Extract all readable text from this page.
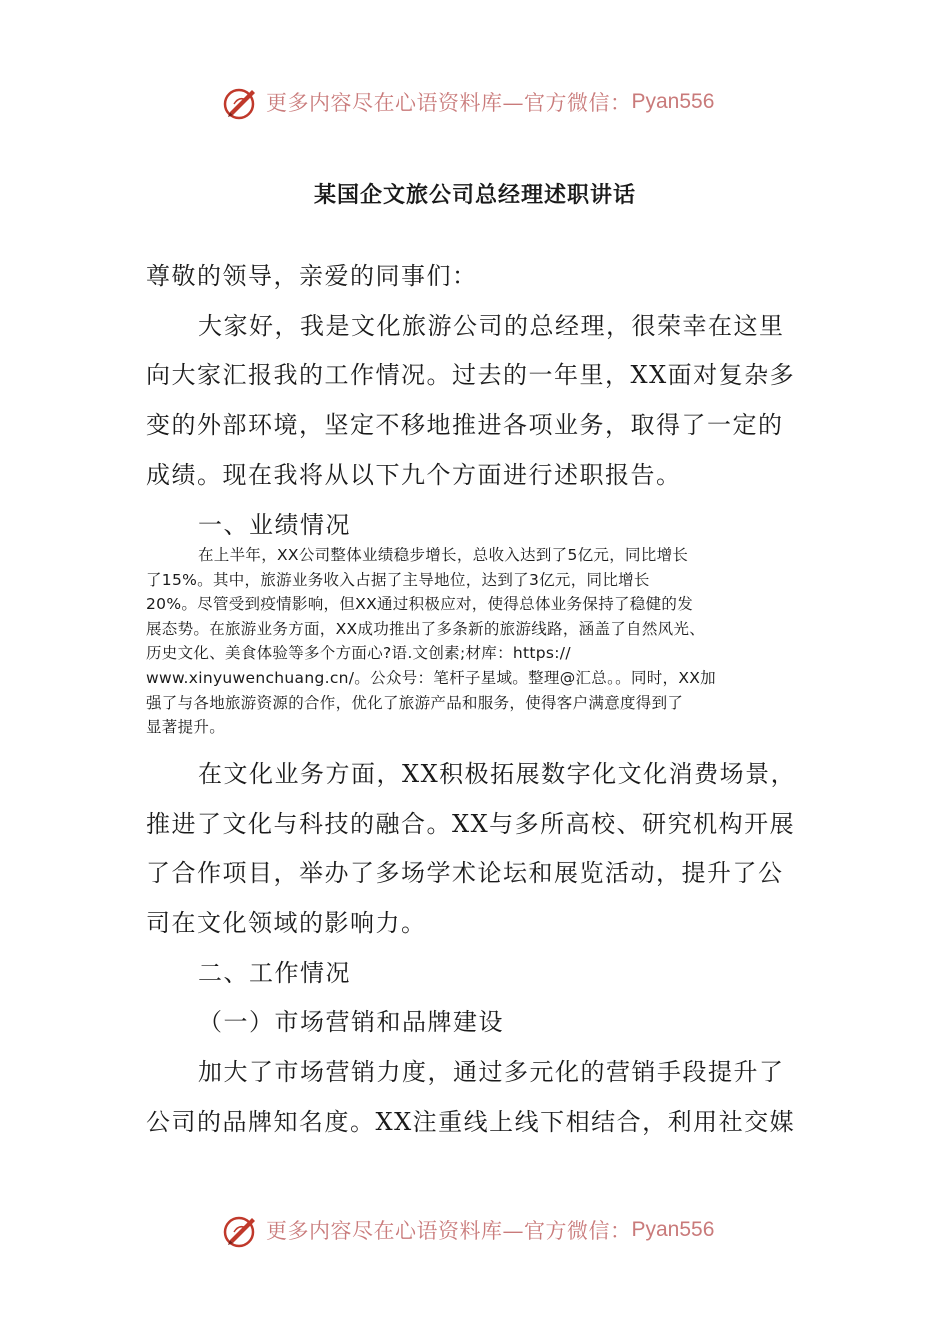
更多内容尽在心语资料库—官方微信： Pyan556
某国企文旅公司总经理述职讲话
尊敬的领导，亲爱的同事们：
大家好，我是文化旅游公司的总经理，很荣幸在这里
向大家汇报我的工作情况。过去的一年里，XX面对复杂多
变的外部环境，坚定不移地推进各项业务，取得了一定的
成绩。现在我将从以下九个方面进行述职报告。
一、业绩情况
在上半年，XX公司整体业绩稳步增长，总收入达到了5亿元，同比增长
了15%。其中，旅游业务收入占据了主导地位，达到了3亿元，同比增长
20%。尽管受到疫情影响，但XX通过积极应对，使得总体业务保持了稳健的发
展态势。在旅游业务方面，XX成功推出了多条新的旅游线路，涵盖了自然风光、
历史文化、美食体验等多个方面心?语.文创素;材库：https://
www.xinyuwenchuang.cn/。公众号：笔杆子星域。整理@汇总。。同时，XX加
强了与各地旅游资源的合作，优化了旅游产品和服务，使得客户满意度得到了
显著提升。
在文化业务方面，XX积极拓展数字化文化消费场景，
推进了文化与科技的融合。XX与多所高校、研究机构开展
了合作项目，举办了多场学术论坛和展览活动，提升了公
司在文化领域的影响力。
二、工作情况
（一）市场营销和品牌建设
加大了市场营销力度，通过多元化的营销手段提升了
公司的品牌知名度。XX注重线上线下相结合，利用社交媒
更多内容尽在心语资料库—官方微信： Pyan556
